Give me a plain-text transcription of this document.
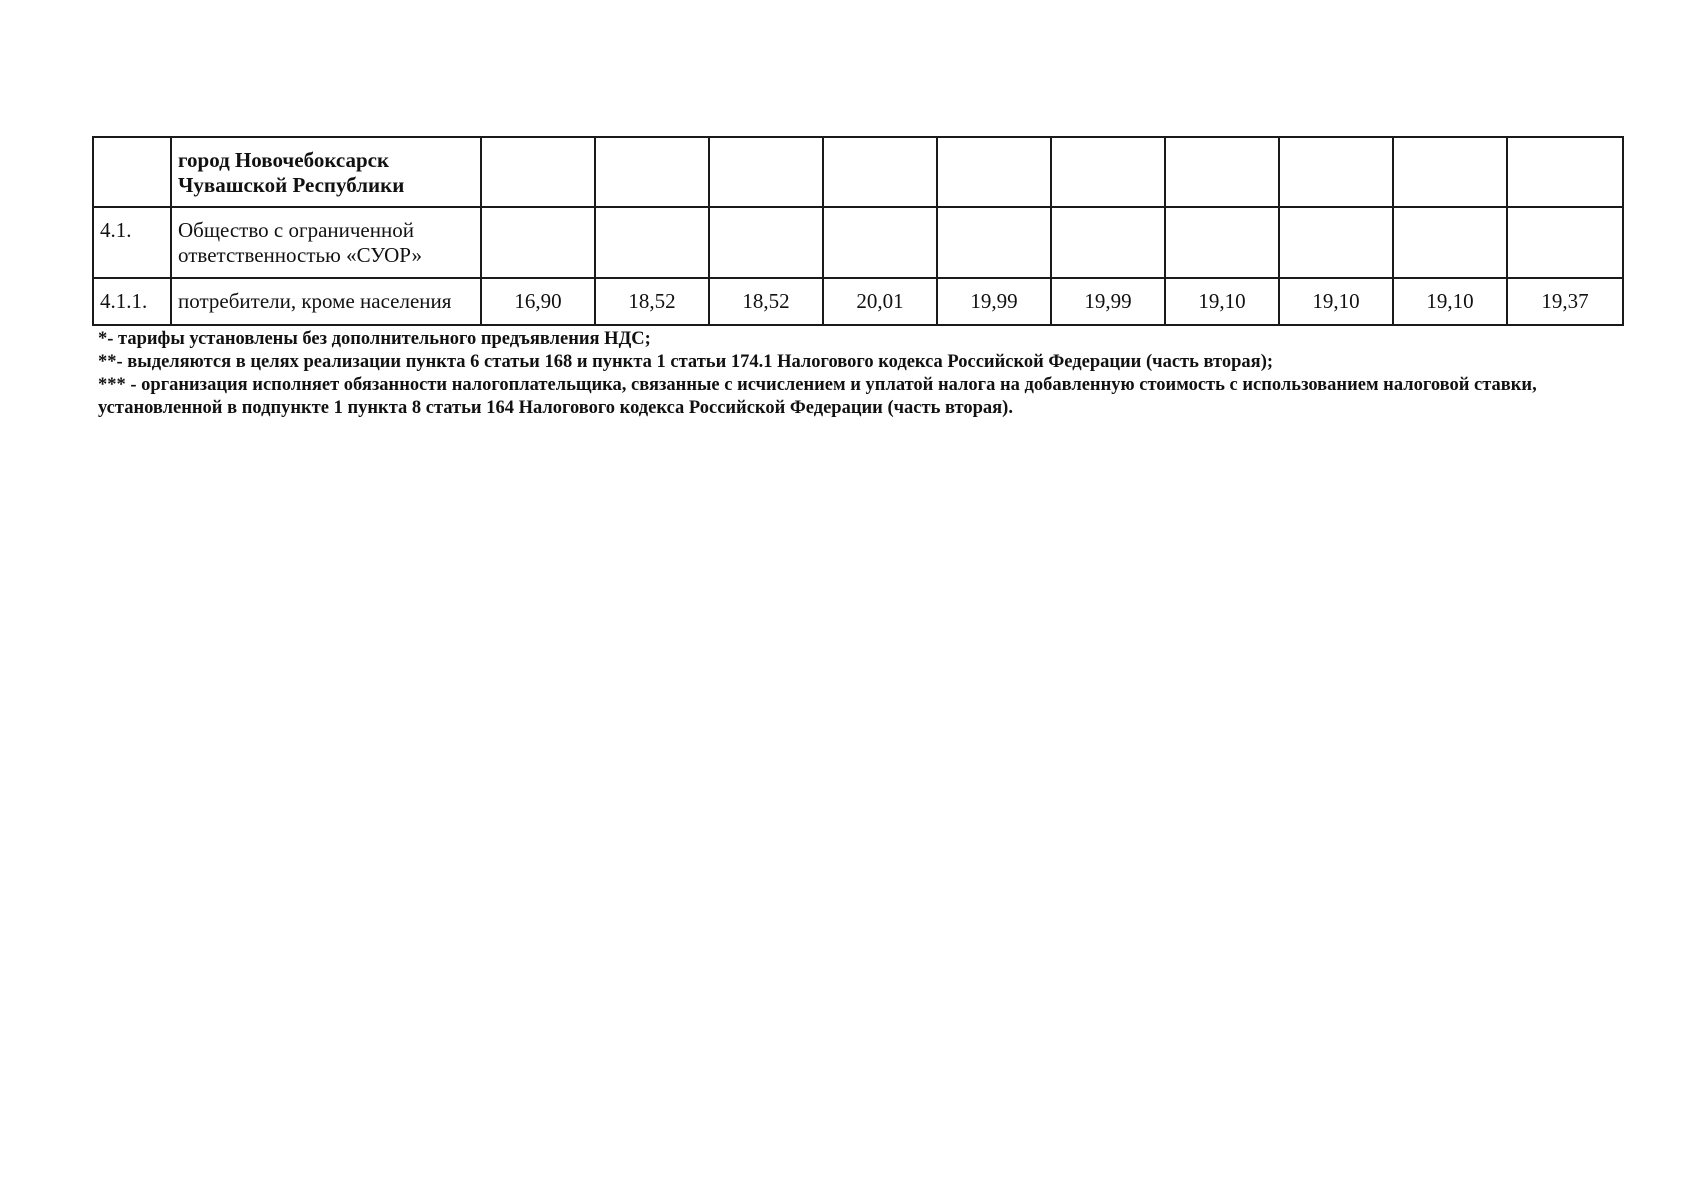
	город Новочебоксарск
Чувашской Республики										

4.1.	Общество с ограниченной
ответственностью «СУОР»										

4.1.1.	потребители, кроме населения	16,90	18,52	18,52	20,01	19,99	19,99	19,10	19,10	19,10	19,37

*- тарифы установлены без дополнительного предъявления НДС;

**- выделяются в целях реализации пункта 6 статьи 168 и пункта 1 статьи 174.1 Налогового кодекса Российской Федерации (часть вторая);

*** - организация исполняет обязанности налогоплательщика, связанные с исчислением и уплатой налога на добавленную стоимость с использованием налоговой ставки,

установленной в подпункте 1 пункта 8 статьи 164 Налогового кодекса Российской Федерации (часть вторая).
